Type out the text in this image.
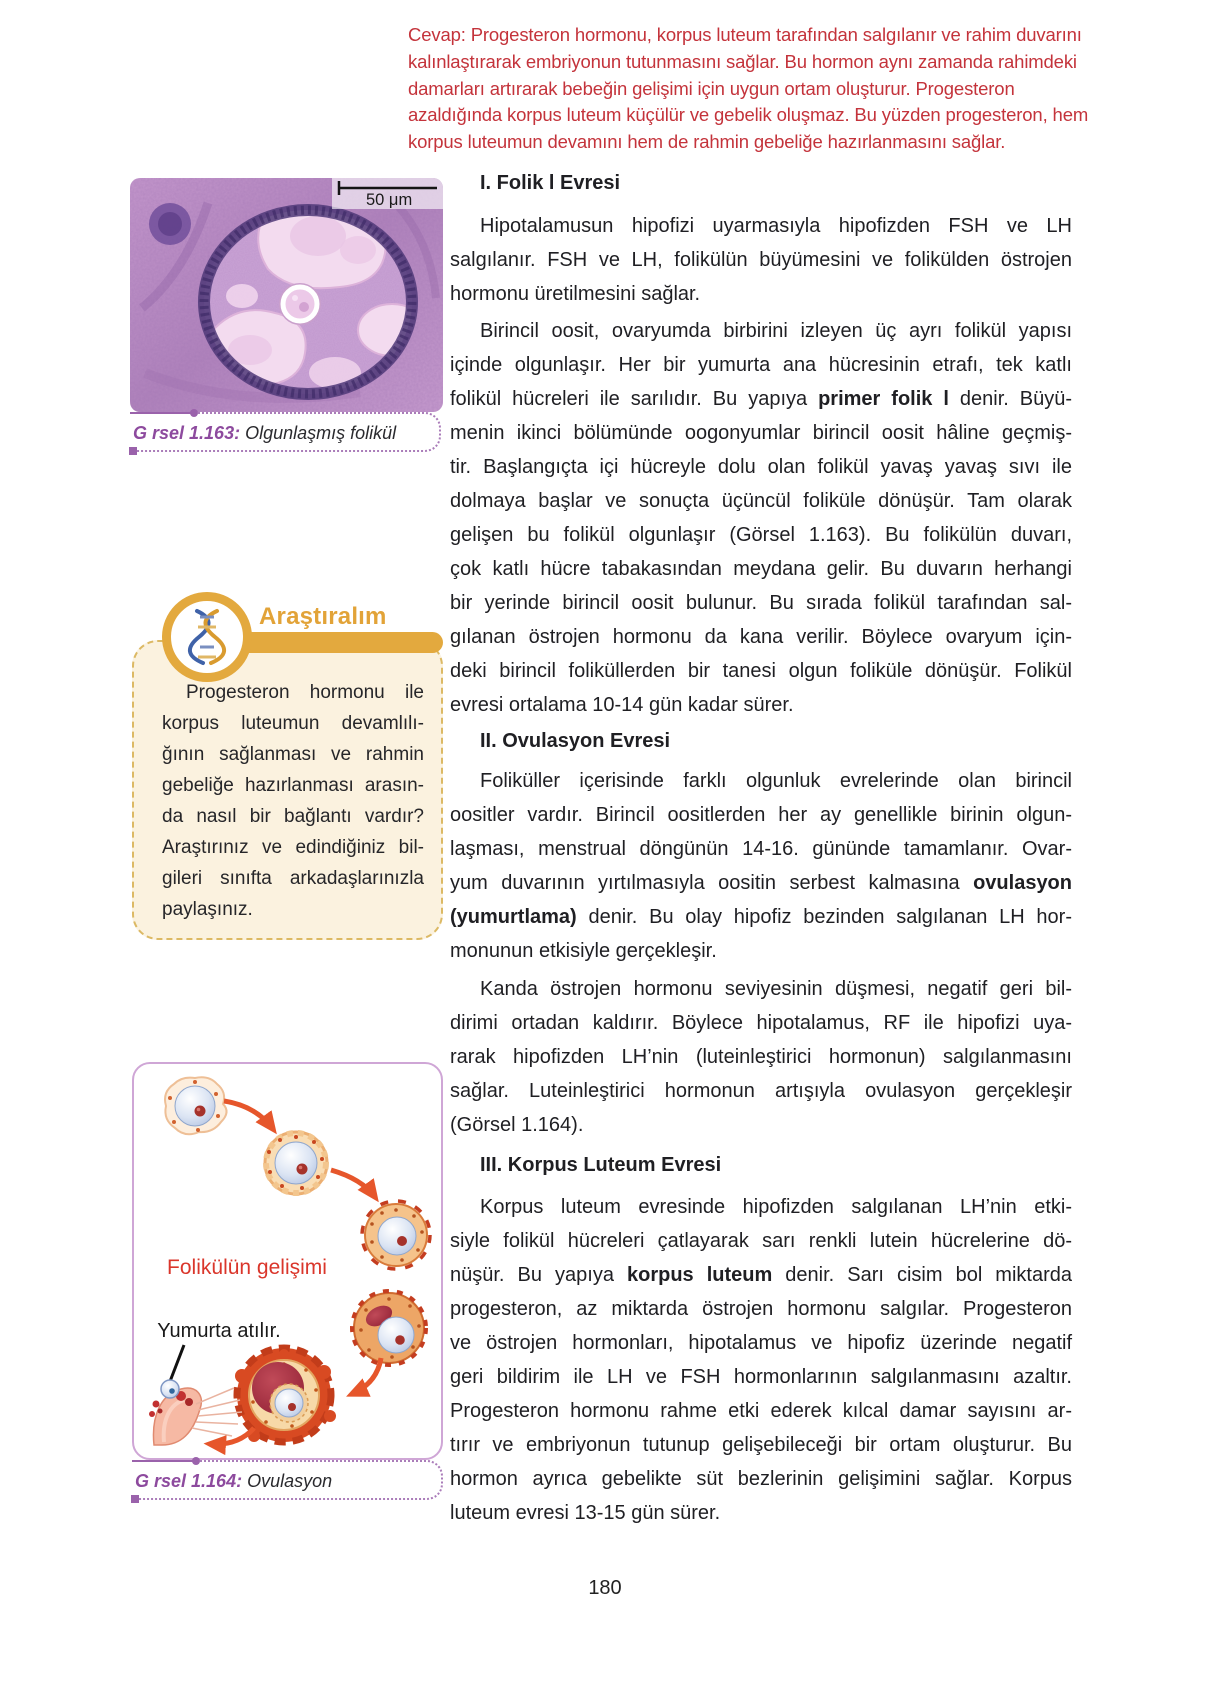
Cevap: Progesteron hormonu, korpus luteum tarafından salgılanır ve rahim duvarını
kalınlaştırarak embriyonun tutunmasını sağlar. Bu hormon aynı zamanda rahimdeki
damarları artırarak bebeğin gelişimi için uygun ortam oluşturur. Progesteron
azaldığında korpus luteum küçülür ve gebelik oluşmaz. Bu yüzden progesteron, hem
korpus luteumun devamını hem de rahmin gebeliğe hazırlanmasını sağlar.
50 μm
G rsel 1.163: Olgunlaşmış folikül
Araştıralım
Progesteron hormonu ile
korpus luteumun devamlılı-
ğının sağlanması ve rahmin
gebeliğe hazırlanması arasın-
da nasıl bir bağlantı vardır?
Araştırınız ve edindiğiniz bil-
gileri sınıfta arkadaşlarınızla
paylaşınız.
Folikülün gelişimi
Yumurta atılır.
G rsel 1.164: Ovulasyon
I. Folik l Evresi
Hipotalamusun hipofizi uyarmasıyla hipofizden FSH ve LH
salgılanır. FSH ve LH, folikülün büyümesini ve folikülden östrojen
hormonu üretilmesini sağlar.
Birincil oosit, ovaryumda birbirini izleyen üç ayrı folikül yapısı
içinde olgunlaşır. Her bir yumurta ana hücresinin etrafı, tek katlı
folikül hücreleri ile sarılıdır. Bu yapıya primer folik l denir. Büyü-
menin ikinci bölümünde oogonyumlar birincil oosit hâline geçmiş-
tir. Başlangıçta içi hücreyle dolu olan folikül yavaş yavaş sıvı ile
dolmaya başlar ve sonuçta üçüncül foliküle dönüşür. Tam olarak
gelişen bu folikül olgunlaşır (Görsel 1.163). Bu folikülün duvarı,
çok katlı hücre tabakasından meydana gelir. Bu duvarın herhangi
bir yerinde birincil oosit bulunur. Bu sırada folikül tarafından sal-
gılanan östrojen hormonu da kana verilir. Böylece ovaryum için-
deki birincil foliküllerden bir tanesi olgun foliküle dönüşür. Folikül
evresi ortalama 10-14 gün kadar sürer.
II. Ovulasyon Evresi
Foliküller içerisinde farklı olgunluk evrelerinde olan birincil
oositler vardır. Birincil oositlerden her ay genellikle birinin olgun-
laşması, menstrual döngünün 14-16. gününde tamamlanır. Ovar-
yum duvarının yırtılmasıyla oositin serbest kalmasına ovulasyon
(yumurtlama) denir. Bu olay hipofiz bezinden salgılanan LH hor-
monunun etkisiyle gerçekleşir.
Kanda östrojen hormonu seviyesinin düşmesi, negatif geri bil-
dirimi ortadan kaldırır. Böylece hipotalamus, RF ile hipofizi uya-
rarak hipofizden LH’nin (luteinleştirici hormonun) salgılanmasını
sağlar. Luteinleştirici hormonun artışıyla ovulasyon gerçekleşir
(Görsel 1.164).
III. Korpus Luteum Evresi
Korpus luteum evresinde hipofizden salgılanan LH’nin etki-
siyle folikül hücreleri çatlayarak sarı renkli lutein hücrelerine dö-
nüşür. Bu yapıya korpus luteum denir. Sarı cisim bol miktarda
progesteron, az miktarda östrojen hormonu salgılar. Progesteron
ve östrojen hormonları, hipotalamus ve hipofiz üzerinde negatif
geri bildirim ile LH ve FSH hormonlarının salgılanmasını azaltır.
Progesteron hormonu rahme etki ederek kılcal damar sayısını ar-
tırır ve embriyonun tutunup gelişebileceği bir ortam oluşturur. Bu
hormon ayrıca gebelikte süt bezlerinin gelişimini sağlar. Korpus
luteum evresi 13-15 gün sürer.
180
